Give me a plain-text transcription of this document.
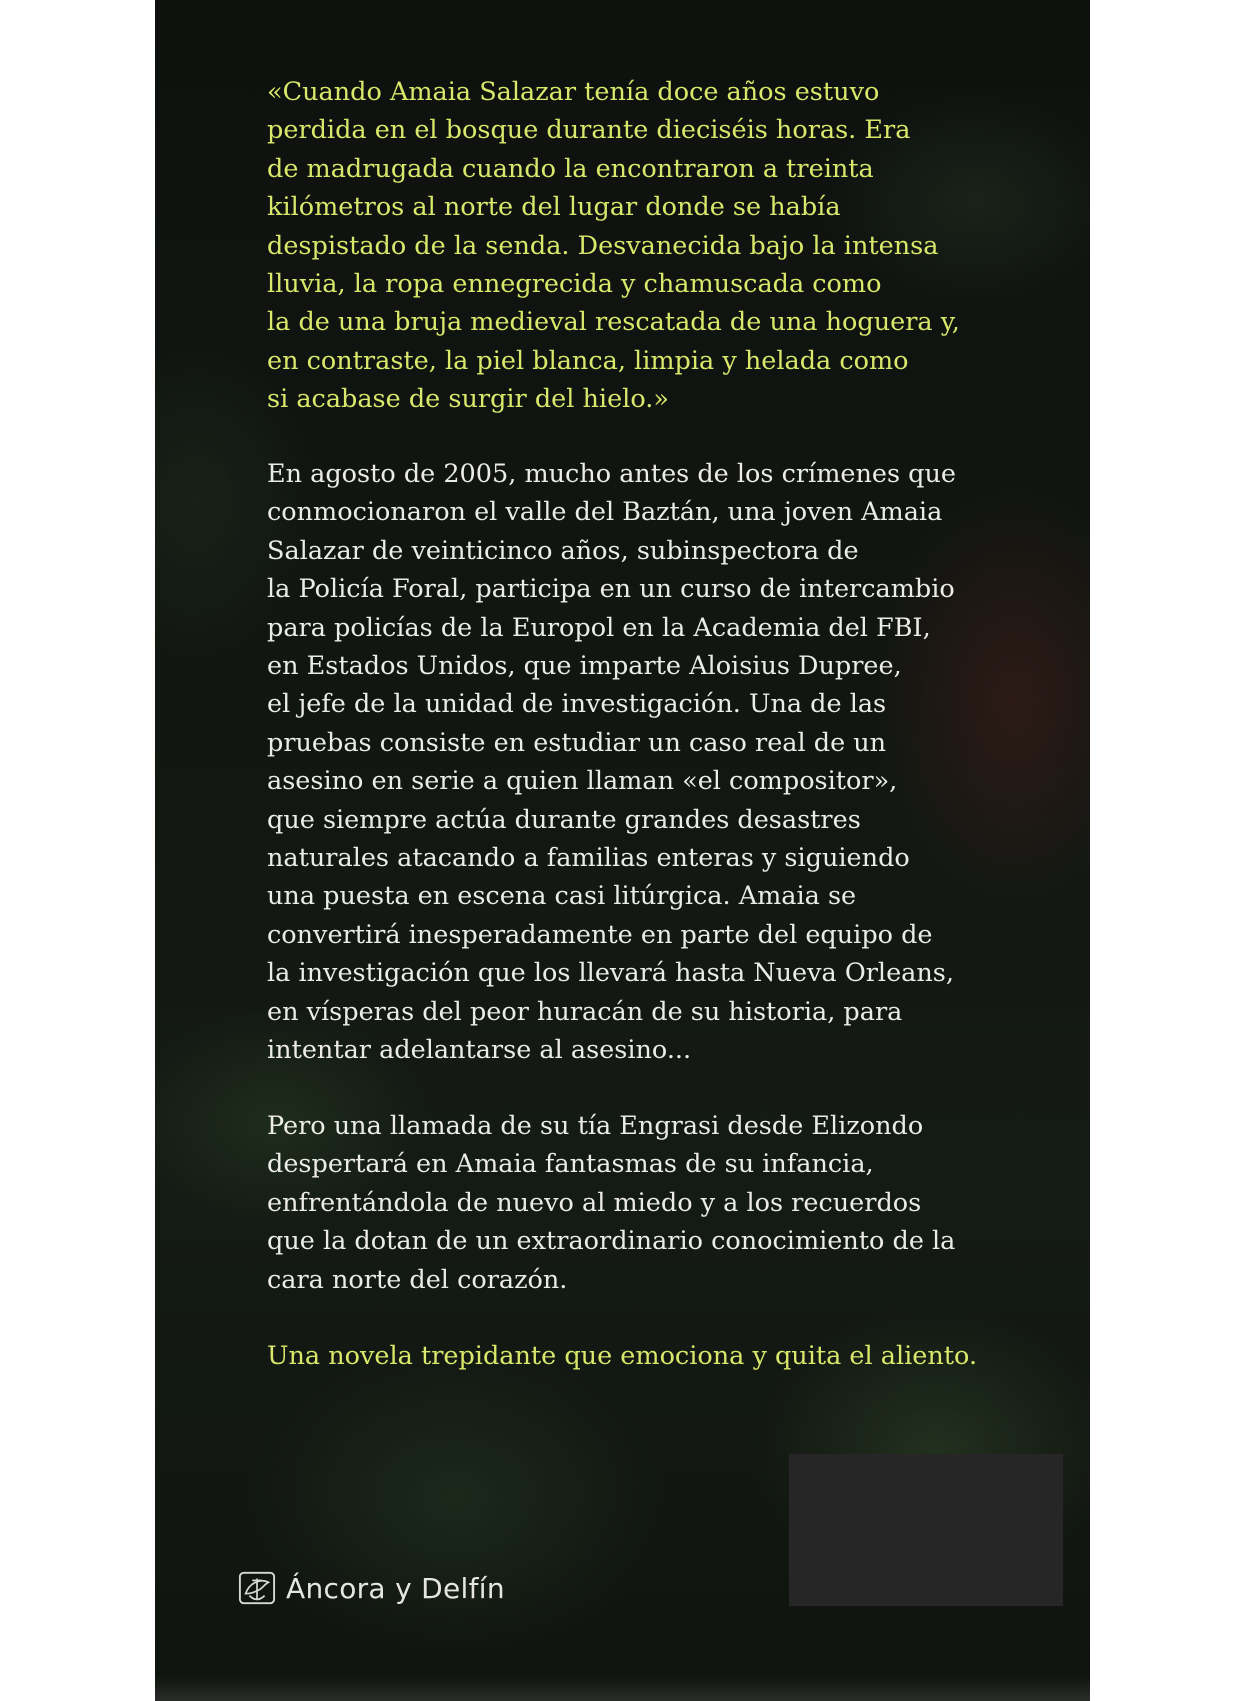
«Cuando Amaia Salazar tenía doce años estuvo
perdida en el bosque durante dieciséis horas. Era
de madrugada cuando la encontraron a treinta
kilómetros al norte del lugar donde se había
despistado de la senda. Desvanecida bajo la intensa
lluvia, la ropa ennegrecida y chamuscada como
la de una bruja medieval rescatada de una hoguera y,
en contraste, la piel blanca, limpia y helada como
si acabase de surgir del hielo.»
En agosto de 2005, mucho antes de los crímenes que
conmocionaron el valle del Baztán, una joven Amaia
Salazar de veinticinco años, subinspectora de
la Policía Foral, participa en un curso de intercambio
para policías de la Europol en la Academia del FBI,
en Estados Unidos, que imparte Aloisius Dupree,
el jefe de la unidad de investigación. Una de las
pruebas consiste en estudiar un caso real de un
asesino en serie a quien llaman «el compositor»,
que siempre actúa durante grandes desastres
naturales atacando a familias enteras y siguiendo
una puesta en escena casi litúrgica. Amaia se
convertirá inesperadamente en parte del equipo de
la investigación que los llevará hasta Nueva Orleans,
en vísperas del peor huracán de su historia, para
intentar adelantarse al asesino...
Pero una llamada de su tía Engrasi desde Elizondo
despertará en Amaia fantasmas de su infancia,
enfrentándola de nuevo al miedo y a los recuerdos
que la dotan de un extraordinario conocimiento de la
cara norte del corazón.
Una novela trepidante que emociona y quita el aliento.
Áncora y Delfín
